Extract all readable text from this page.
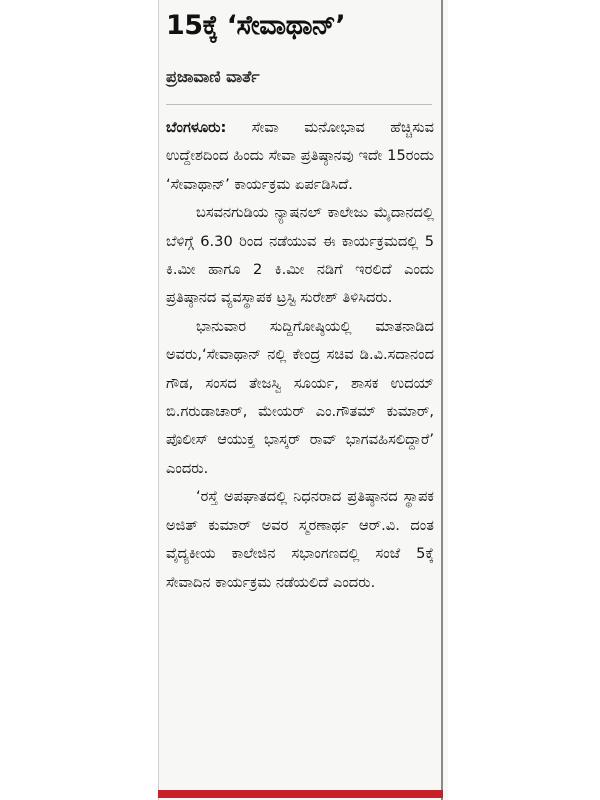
15ಕ್ಕೆ ‘ಸೇವಾಥಾನ್’
ಪ್ರಜಾವಾಣಿ ವಾರ್ತೆ

ಬೆಂಗಳೂರು: ಸೇವಾ ಮನೋಭಾವ ಹೆಚ್ಚಿಸುವ ಉದ್ದೇಶದಿಂದ ಹಿಂದು ಸೇವಾ ಪ್ರತಿಷ್ಠಾನವು ಇದೇ 15ರಂದು ‘ಸೇವಾಥಾನ್’ ಕಾರ್ಯಕ್ರಮ ಏರ್ಪಡಿಸಿದೆ.

ಬಸವನಗುಡಿಯ ನ್ಯಾಷನಲ್ ಕಾಲೇಜು ಮೈದಾನದಲ್ಲಿ ಬೆಳಿಗ್ಗೆ 6.30 ರಿಂದ ನಡೆಯುವ ಈ ಕಾರ್ಯಕ್ರಮದಲ್ಲಿ 5 ಕಿ.ಮೀ ಹಾಗೂ 2 ಕಿ.ಮೀ ನಡಿಗೆ ಇರಲಿದೆ ಎಂದು ಪ್ರತಿಷ್ಠಾನದ ವ್ಯವಸ್ಥಾಪಕ ಟ್ರಸ್ಟಿ ಸುರೇಶ್ ತಿಳಿಸಿದರು.

ಭಾನುವಾರ ಸುದ್ದಿಗೋಷ್ಠಿಯಲ್ಲಿ ಮಾತನಾಡಿದ ಅವರು,‘ಸೇವಾಥಾನ್ ನಲ್ಲಿ ಕೇಂದ್ರ ಸಚಿವ ಡಿ.ವಿ.ಸದಾನಂದ ಗೌಡ, ಸಂಸದ ತೇಜಸ್ವಿ ಸೂರ್ಯ, ಶಾಸಕ ಉದಯ್ ಬಿ.ಗರುಡಾಚಾರ್, ಮೇಯರ್ ಎಂ.ಗೌತಮ್ ಕುಮಾರ್, ಪೊಲೀಸ್ ಆಯುಕ್ತ ಭಾಸ್ಕರ್ ರಾವ್ ಭಾಗವಹಿಸಲಿದ್ದಾರೆ’ ಎಂದರು.

‘ರಸ್ತೆ ಅಪಘಾತದಲ್ಲಿ ನಿಧನರಾದ ಪ್ರತಿಷ್ಠಾನದ ಸ್ಥಾಪಕ ಅಜಿತ್ ಕುಮಾರ್ ಅವರ ಸ್ಮರಣಾರ್ಥ ಆರ್.ವಿ. ದಂತ ವೈದ್ಯಕೀಯ ಕಾಲೇಜಿನ ಸಭಾಂಗಣದಲ್ಲಿ ಸಂಜೆ 5ಕ್ಕೆ ಸೇವಾದಿನ ಕಾರ್ಯಕ್ರಮ ನಡೆಯಲಿದೆ ಎಂದರು.
